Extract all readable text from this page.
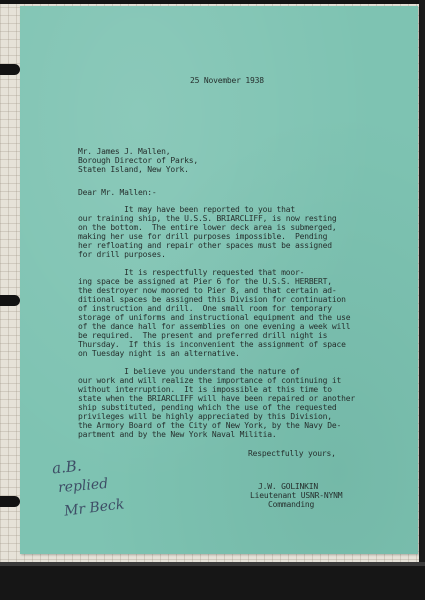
25 November 1938
Mr. James J. Mallen,
Borough Director of Parks,
Staten Island, New York.
Dear Mr. Mallen:-
It may have been reported to you that
our training ship, the U.S.S. BRIARCLIFF, is now resting
on the bottom.  The entire lower deck area is submerged,
making her use for drill purposes impossible.  Pending
her refloating and repair other spaces must be assigned
for drill purposes.
It is respectfully requested that moor-
ing space be assigned at Pier 6 for the U.S.S. HERBERT,
the destroyer now moored to Pier 8, and that certain ad-
ditional spaces be assigned this Division for continuation
of instruction and drill.  One small room for temporary
storage of uniforms and instructional equipment and the use
of the dance hall for assemblies on one evening a week will
be required.  The present and preferred drill night is
Thursday.  If this is inconvenient the assignment of space
on Tuesday night is an alternative.
I believe you understand the nature of
our work and will realize the importance of continuing it
without interruption.  It is impossible at this time to
state when the BRIARCLIFF will have been repaired or another
ship substituted, pending which the use of the requested
privileges will be highly appreciated by this Division,
the Armory Board of the City of New York, by the Navy De-
partment and by the New York Naval Militia.
Respectfully yours,
J.W. GOLINKIN
Lieutenant USNR-NYNM
Commanding
a.B.
replied
Mr Beck
